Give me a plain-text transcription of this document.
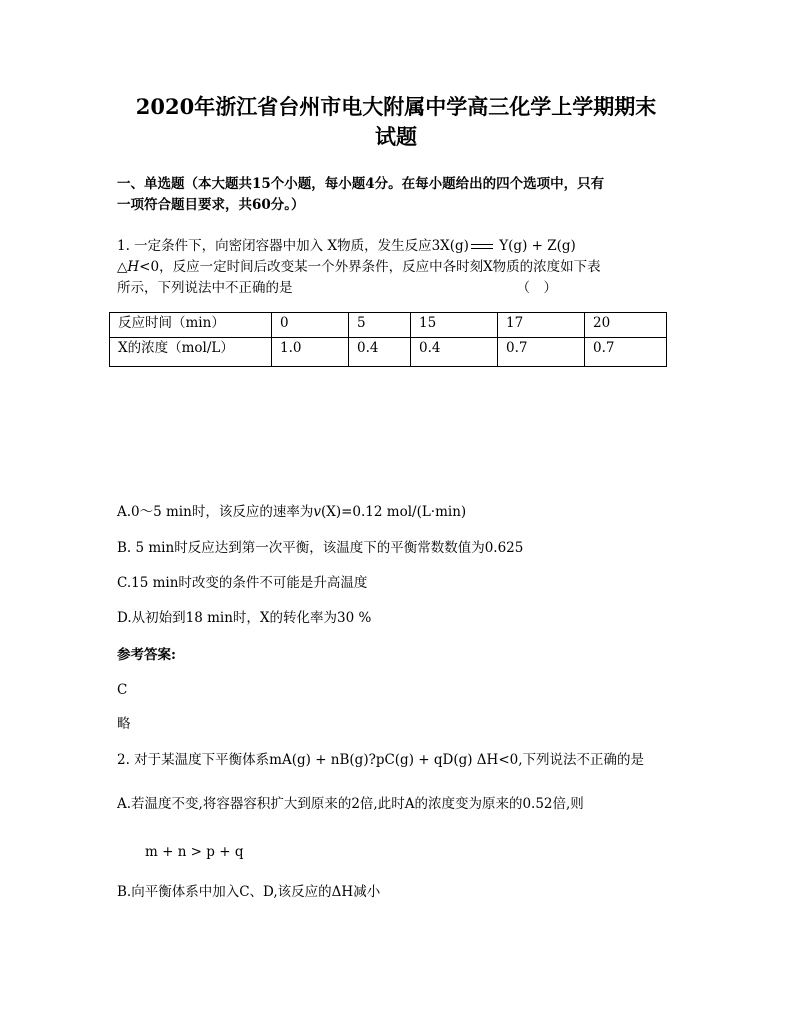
2020年浙江省台州市电大附属中学高三化学上学期期末
试题
一、单选题（本大题共15个小题，每小题4分。在每小题给出的四个选项中，只有
一项符合题目要求，共60分。）
1. 一定条件下，向密闭容器中加入 X物质，发生反应3X(g) Y(g) + Z(g)
△H<0，反应一定时间后改变某一个外界条件，反应中各时刻X物质的浓度如下表
（　）
所示，下列说法中不正确的是
反应时间（min）	0	5	15	17	20
X的浓度（mol/L）	1.0	0.4	0.4	0.7	0.7
A.0～5 min时，该反应的速率为v(X)=0.12 mol/(L·min)
B. 5 min时反应达到第一次平衡，该温度下的平衡常数数值为0.625
C.15 min时改变的条件不可能是升高温度
D.从初始到18 min时，X的转化率为30 %
参考答案:
C
略
2. 对于某温度下平衡体系mA(g) + nB(g)?pC(g) + qD(g) ΔH<0,下列说法不正确的是
A.若温度不变,将容器容积扩大到原来的2倍,此时A的浓度变为原来的0.52倍,则
m + n > p + q
B.向平衡体系中加入C、D,该反应的ΔH减小
